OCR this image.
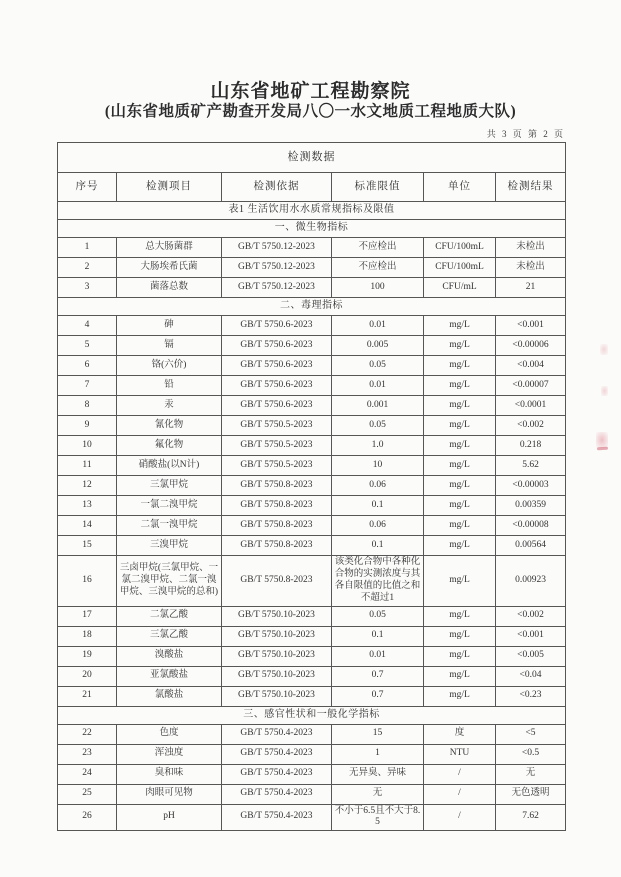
山东省地矿工程勘察院
(山东省地质矿产勘查开发局八〇一水文地质工程地质大队)
共 3 页 第 2 页
检测数据					
序号	检测项目	检测依据	标准限值	单位	检测结果
表1 生活饮用水水质常规指标及限值					
一、微生物指标					
1	总大肠菌群	GB/T 5750.12-2023	不应检出	CFU/100mL	未检出
2	大肠埃希氏菌	GB/T 5750.12-2023	不应检出	CFU/100mL	未检出
3	菌落总数	GB/T 5750.12-2023	100	CFU/mL	21
二、毒理指标					
4	砷	GB/T 5750.6-2023	0.01	mg/L	<0.001
5	镉	GB/T 5750.6-2023	0.005	mg/L	<0.00006
6	铬(六价)	GB/T 5750.6-2023	0.05	mg/L	<0.004
7	铅	GB/T 5750.6-2023	0.01	mg/L	<0.00007
8	汞	GB/T 5750.6-2023	0.001	mg/L	<0.0001
9	氰化物	GB/T 5750.5-2023	0.05	mg/L	<0.002
10	氟化物	GB/T 5750.5-2023	1.0	mg/L	0.218
11	硝酸盐(以N计)	GB/T 5750.5-2023	10	mg/L	5.62
12	三氯甲烷	GB/T 5750.8-2023	0.06	mg/L	<0.00003
13	一氯二溴甲烷	GB/T 5750.8-2023	0.1	mg/L	0.00359
14	二氯一溴甲烷	GB/T 5750.8-2023	0.06	mg/L	<0.00008
15	三溴甲烷	GB/T 5750.8-2023	0.1	mg/L	0.00564
16	三卤甲烷(三氯甲烷、一氯二溴甲烷、二氯一溴甲烷、三溴甲烷的总和)	GB/T 5750.8-2023	该类化合物中各种化合物的实测浓度与其各自限值的比值之和不超过1	mg/L	0.00923
17	二氯乙酸	GB/T 5750.10-2023	0.05	mg/L	<0.002
18	三氯乙酸	GB/T 5750.10-2023	0.1	mg/L	<0.001
19	溴酸盐	GB/T 5750.10-2023	0.01	mg/L	<0.005
20	亚氯酸盐	GB/T 5750.10-2023	0.7	mg/L	<0.04
21	氯酸盐	GB/T 5750.10-2023	0.7	mg/L	<0.23
三、感官性状和一般化学指标					
22	色度	GB/T 5750.4-2023	15	度	<5
23	浑浊度	GB/T 5750.4-2023	1	NTU	<0.5
24	臭和味	GB/T 5750.4-2023	无异臭、异味	/	无
25	肉眼可见物	GB/T 5750.4-2023	无	/	无色透明
26	pH	GB/T 5750.4-2023	不小于6.5且不大于8.5	/	7.62
